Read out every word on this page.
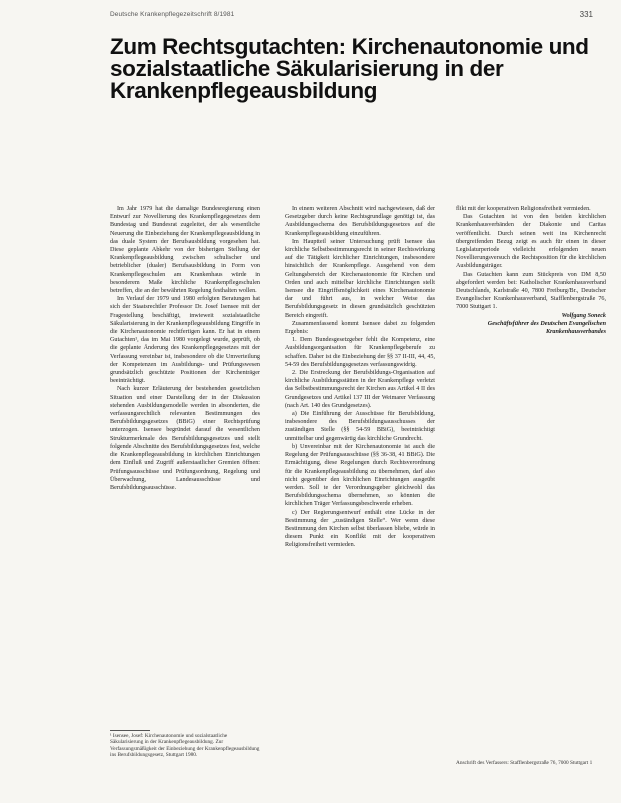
Deutsche Krankenpflegezeitschrift 8/1981	331
Zum Rechtsgutachten: Kirchenautonomie und sozialstaatliche Säkularisierung in der Krankenpflegeausbildung

Im Jahr 1979 hat die damalige Bundesregierung einen Entwurf zur Novellierung des Krankenpflegegesetzes dem Bundestag und Bundesrat zugeleitet, der als wesentliche Neuerung die Einbeziehung der Krankenpflegeausbildung in das duale System der Berufsausbildung vorgesehen hat. Diese geplante Abkehr von der bisherigen Stellung der Krankenpflegeausbildung zwischen schulischer und betrieblicher (dualer) Berufsausbildung in Form von Krankenpflegeschulen am Krankenhaus würde in besonderem Maße kirchliche Krankenpflegeschulen betreffen, die an der bewährten Regelung festhalten wollen.

Im Verlauf der 1979 und 1980 erfolgten Beratungen hat sich der Staatsrechtler Professor Dr. Josef Isensee mit der Fragestellung beschäftigt, inwieweit sozialstaatliche Säkularisierung in der Krankenpflegeausbildung Eingriffe in die Kirchenautonomie rechtfertigen kann. Er hat in einem Gutachten¹, das im Mai 1980 vorgelegt wurde, geprüft, ob die geplante Änderung des Krankenpflegegesetzes mit der Verfassung vereinbar ist, insbesondere ob die Umverteilung der Kompetenzen im Ausbildungs- und Prüfungswesen grundsätzlich geschützte Positionen der Kirchenträger beeinträchtigt.

Nach kurzer Erläuterung der bestehenden gesetzlichen Situation und einer Darstellung der in der Diskussion stehenden Ausbildungsmodelle werden in absonderten, die verfassungsrechtlich relevanten Bestimmungen des Berufsbildungsgesetzes (BBiG) einer Rechtsprüfung unterzogen. Isensee begründet darauf die wesentlichen Strukturmerkmale des Berufsbildungsgesetzes und stellt folgende Abschnitte des Berufsbildungsgesetzes fest, welche die Krankenpflegeausbildung in kirchlichen Einrichtungen dem Einfluß und Zugriff außerstaatlicher Gremien öffnen: Prüfungsausschüsse und Prüfungsordnung, Regelung und Überwachung, Landesausschüsse und Berufsbildungsausschüsse.

In einem weiteren Abschnitt wird nachgewiesen, daß der Gesetzgeber durch keine Rechtsgrundlage genötigt ist, das Ausbildungsschema des Berufsbildungsgesetzes auf die Krankenpflegeausbildung einzuführen.

Im Hauptteil seiner Untersuchung prüft Isensee das kirchliche Selbstbestimmungsrecht in seiner Rechtswirkung auf die Tätigkeit kirchlicher Einrichtungen, insbesondere hinsichtlich der Krankenpflege. Ausgehend von dem Geltungsbereich der Kirchenautonomie für Kirchen und Orden und auch mittelbar kirchliche Einrichtungen stellt Isensee die Eingriffsmöglichkeit eines Kirchenautonomie dar und führt aus, in welcher Weise das Berufsbildungsgesetz in diesen grundsätzlich geschützten Bereich eingreift.

Zusammenfassend kommt Isensee dabei zu folgenden Ergebnis:

1. Dem Bundesgesetzgeber fehlt die Kompetenz, eine Ausbildungsorganisation für Krankenpflegeberufe zu schaffen. Daher ist die Einbeziehung der §§ 37 II-III, 44, 45, 54-59 des Berufsbildungsgesetzes verfassungswidrig.

2. Die Erstreckung der Berufsbildungs-Organisation auf kirchliche Ausbildungsstätten in der Krankenpflege verletzt das Selbstbestimmungsrecht der Kirchen aus Artikel 4 II des Grundgesetzes und Artikel 137 III der Weimarer Verfassung (nach Art. 140 des Grundgesetzes).

a) Die Einführung der Ausschüsse für Berufsbildung, insbesondere des Berufsbildungsausschusses der zuständigen Stelle (§§ 54-59 BBiG), beeinträchtigt unmittelbar und gegenwärtig das kirchliche Grundrecht.

b) Unvereinbar mit der Kirchenautonomie ist auch die Regelung der Prüfungsausschüsse (§§ 36-38, 41 BBiG). Die Ermächtigung, diese Regelungen durch Rechtsverordnung für die Krankenpflegeausbildung zu übernehmen, darf also nicht gegenüber den kirchlichen Einrichtungen ausgeübt werden. Soll te der Verordnungsgeber gleichwohl das Berufsbildungsschema übernehmen, so könnten die kirchlichen Träger Verfassungsbeschwerde erheben.

c) Der Regierungsentwurf enthält eine Lücke in der Bestimmung der „zuständigen Stelle“. Wer wenn diese Bestimmung den Kirchen selbst überlassen bliebe, würde in diesem Punkt ein Konflikt mit der kooperativen Religionsfreiheit vermieden.

flikt mit der kooperativen Religionsfreiheit vermieden.

Das Gutachten ist von den beiden kirchlichen Krankenhausverbänden der Diakonie und Caritas veröffentlicht. Durch seinen weit ins Kirchenrecht übergreifenden Bezug zeigt es auch für einen in dieser Legislaturperiode vielleicht erfolgenden neuen Novellierungsversuch die Rechtsposition für die kirchlichen Ausbildungsträger.

Das Gutachten kann zum Stückpreis von DM 8,50 abgefordert werden bei: Katholischer Krankenhausverband Deutschlands, Karlstraße 40, 7800 Freiburg/Br., Deutscher Evangelischer Krankenhausverband, Stafflenbergstraße 76, 7000 Stuttgart 1.

Wolfgang Soneck

Geschäftsführer des Deutschen Evangelischen Krankenhausverbandes

¹ Isensee, Josef: Kirchenautonomie und sozialstaatliche Säkularisierung in der Krankenpflegeausbildung. Zur Verfassungsmäßigkeit der Einbeziehung der Krankenpflegeausbildung ins Berufsbildungsgesetz, Stuttgart 1980.

Anschrift des Verfassers: Stafflenbergstraße 76, 7000 Stuttgart 1
